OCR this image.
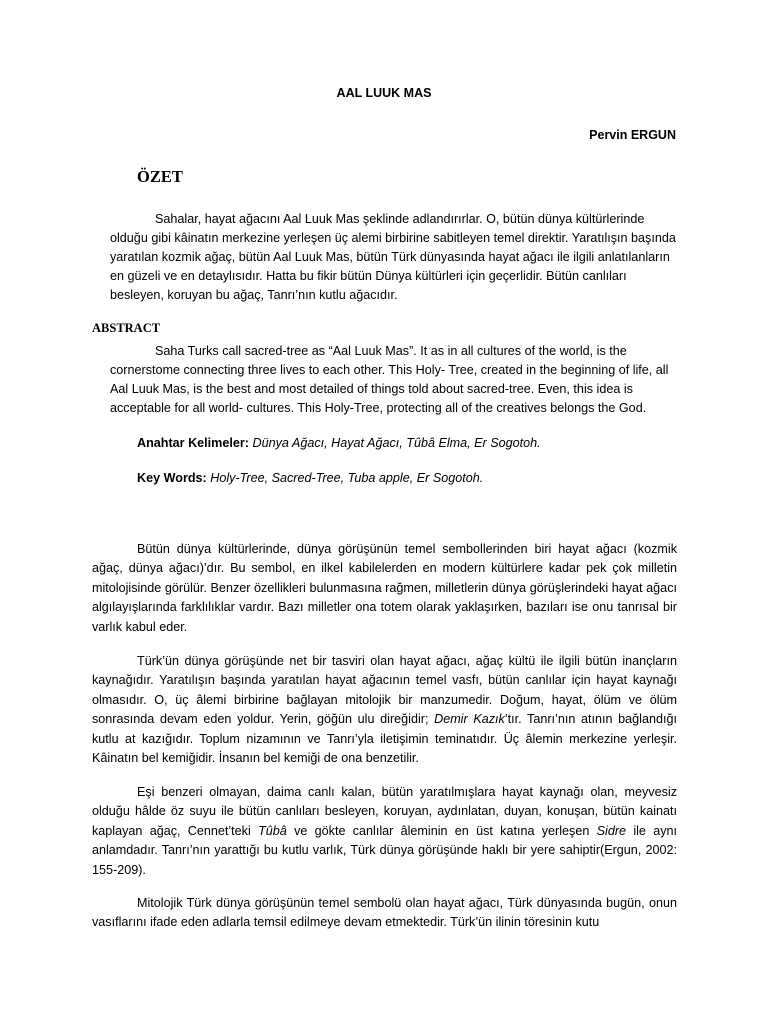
AAL LUUK MAS
Pervin ERGUN
ÖZET
Sahalar, hayat ağacını Aal Luuk Mas şeklinde adlandırırlar. O, bütün dünya kültürlerinde olduğu gibi kâinatın merkezine yerleşen üç alemi birbirine sabitleyen temel direktir. Yaratılışın başında yaratılan kozmik ağaç, bütün Aal Luuk Mas, bütün Türk dünyasında hayat ağacı ile ilgili anlatılanların en güzeli ve en detaylısıdır. Hatta bu fikir bütün Dünya kültürleri için geçerlidir. Bütün canlıları besleyen, koruyan bu ağaç, Tanrı’nın kutlu ağacıdır.
ABSTRACT
Saha Turks call sacred-tree as “Aal Luuk Mas”. It as in all cultures of the world, is the cornerstome connecting three lives to each other. This Holy- Tree, created in the beginning of life, all Aal Luuk Mas, is the best and most detailed of things told about sacred-tree. Even, this idea is acceptable for all world- cultures. This Holy-Tree, protecting all of the creatives belongs the God.
Anahtar Kelimeler: Dünya Ağacı, Hayat Ağacı, Tûbâ Elma, Er Sogotoh.
Key Words: Holy-Tree, Sacred-Tree, Tuba apple, Er Sogotoh.
Bütün dünya kültürlerinde, dünya görüşünün temel sembollerinden biri hayat ağacı (kozmik ağaç, dünya ağacı)’dır. Bu sembol, en ilkel kabilelerden en modern kültürlere kadar pek çok milletin mitolojisinde görülür. Benzer özellikleri bulunmasına rağmen, milletlerin dünya görüşlerindeki hayat ağacı algılayışlarında farklılıklar vardır. Bazı milletler ona totem olarak yaklaşırken, bazıları ise onu tanrısal bir varlık kabul eder.
Türk’ün dünya görüşünde net bir tasviri olan hayat ağacı, ağaç kültü ile ilgili bütün inançların kaynağıdır. Yaratılışın başında yaratılan hayat ağacının temel vasfı, bütün canlılar için hayat kaynağı olmasıdır. O, üç âlemi birbirine bağlayan mitolojik bir manzumedir. Doğum, hayat, ölüm ve ölüm sonrasında devam eden yoldur. Yerin, göğün ulu direğidir; Demir Kazık’tır. Tanrı’nın atının bağlandığı kutlu at kazığıdır. Toplum nizamının ve Tanrı’yla iletişimin teminatıdır. Üç âlemin merkezine yerleşir. Kâinatın bel kemiğidir. İnsanın bel kemiği de ona benzetilir.
Eşi benzeri olmayan, daima canlı kalan, bütün yaratılmışlara hayat kaynağı olan, meyvesiz olduğu hâlde öz suyu ile bütün canlıları besleyen, koruyan, aydınlatan, duyan, konuşan, bütün kainatı kaplayan ağaç, Cennet’teki Tûbâ ve gökte canlılar âleminin en üst katına yerleşen Sidre ile aynı anlamdadır. Tanrı’nın yarattığı bu kutlu varlık, Türk dünya görüşünde haklı bir yere sahiptir(Ergun, 2002: 155-209).
Mitolojik Türk dünya görüşünün temel sembolü olan hayat ağacı, Türk dünyasında bugün, onun vasıflarını ifade eden adlarla temsil edilmeye devam etmektedir. Türk’ün ilinin töresinin kutu
